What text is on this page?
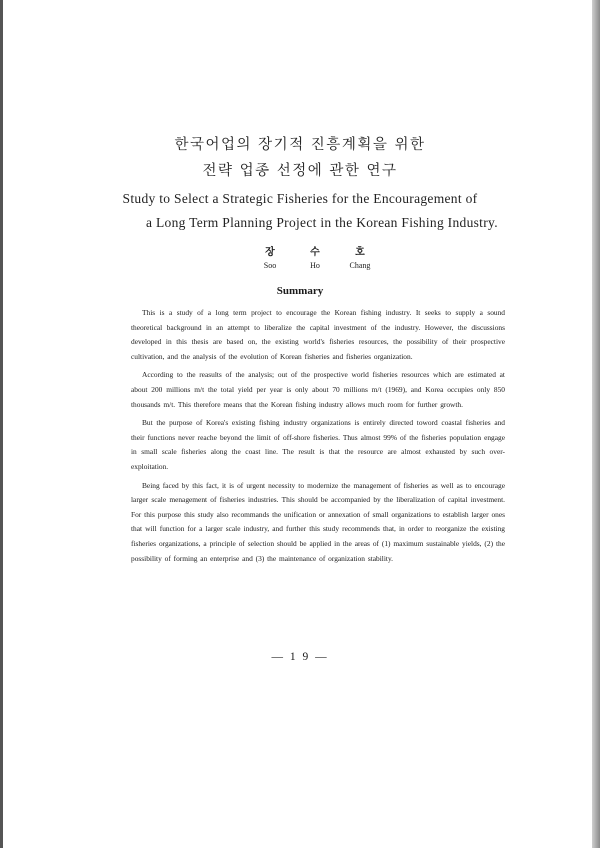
한국어업의 장기적 진흥계획을 위한
전략 업종 선정에 관한 연구
Study to Select a Strategic Fisheries for the Encouragement of
a Long Term Planning Project in the Korean Fishing Industry.
장	수	호
Soo	Ho	Chang
Summary

This is a study of a long term project to encourage the Korean fishing industry. It seeks to supply a sound theoretical background in an attempt to liberalize the capital investment of the industry. However, the discussions developed in this thesis are based on, the existing world's fisheries resources, the possibility of their prospective cultivation, and the analysis of the evolution of Korean fisheries and fisheries organization.

According to the reasults of the analysis; out of the prospective world fisheries resources which are estimated at about 200 millions m/t the total yield per year is only about 70 millions m/t (1969), and Korea occupies only 850 thousands m/t. This therefore means that the Korean fishing industry allows much room for further growth.

But the purpose of Korea's existing fishing industry organizations is entirely directed toword coastal fisheries and their functions never reache beyond the limit of off-shore fisheries. Thus almost 99% of the fisheries population engage in small scale fisheries along the coast line. The result is that the resource are almost exhausted by such over-exploitation.

Being faced by this fact, it is of urgent necessity to modernize the management of fisheries as well as to encourage larger scale menagement of fisheries industries. This should be accompanied by the liberalization of capital investment. For this purpose this study also recommands the unification or annexation of small organizations to establish larger ones that will function for a larger scale industry, and further this study recommends that, in order to reorganize the existing fisheries organizations, a principle of selection should be applied in the areas of (1) maximum sustainable yields, (2) the possibility of forming an enterprise and (3) the maintenance of organization stability.

— 1 9 —
